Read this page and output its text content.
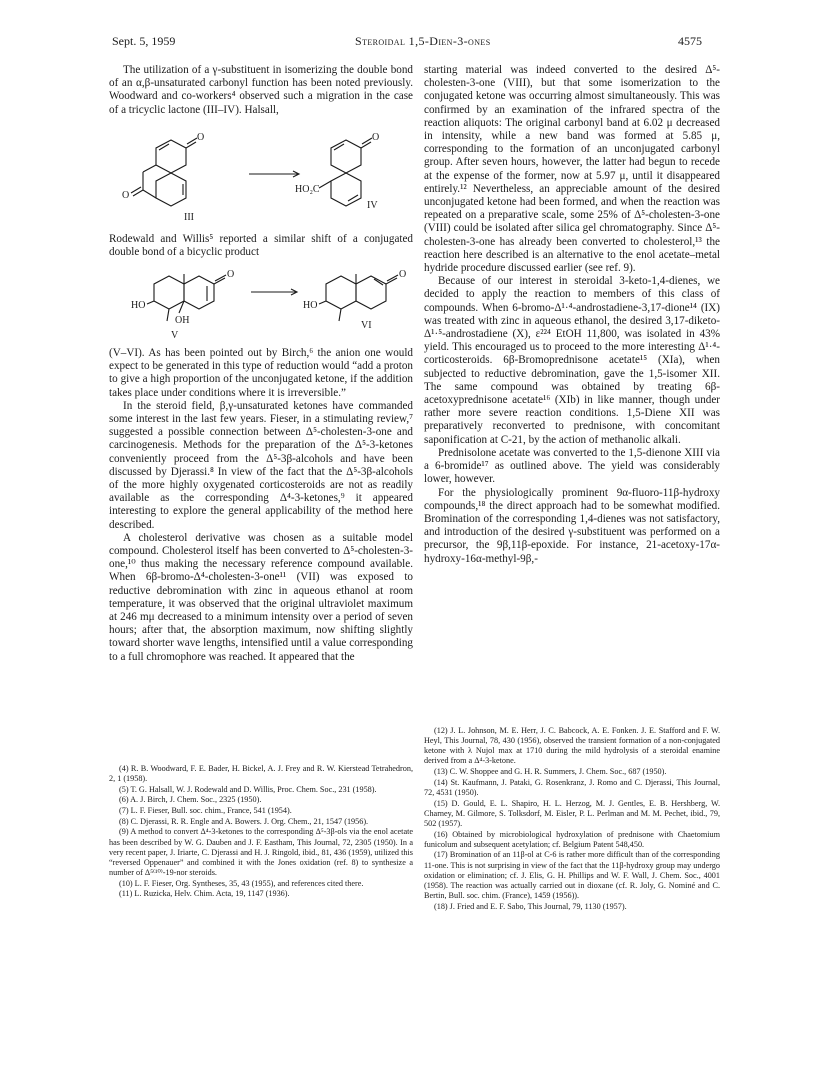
Sept. 5, 1959	Steroidal 1,5-Dien-3-ones	4575

The utilization of a γ-substituent in isomerizing the double bond of an α,β-unsaturated carbonyl function has been noted previously. Woodward and co-workers⁴ observed such a migration in the case of a tricyclic lactone (III–IV). Halsall,

O
O
III
O
HO₂C
IV

Rodewald and Willis⁵ reported a similar shift of a conjugated double bond of a bicyclic product

HO
OH
O
V
HO
O
VI

(V–VI). As has been pointed out by Birch,⁶ the anion one would expect to be generated in this type of reduction would “add a proton to give a high proportion of the unconjugated ketone, if the addition takes place under conditions where it is irreversible.”

In the steroid field, β,γ-unsaturated ketones have commanded some interest in the last few years. Fieser, in a stimulating review,⁷ suggested a possible connection between Δ⁵-cholesten-3-one and carcinogenesis. Methods for the preparation of the Δ⁵-3-ketones conveniently proceed from the Δ⁵-3β-alcohols and have been discussed by Djerassi.⁸ In view of the fact that the Δ⁵-3β-alcohols of the more highly oxygenated corticosteroids are not as readily available as the corresponding Δ⁴-3-ketones,⁹ it appeared interesting to explore the general applicability of the method here described.

A cholesterol derivative was chosen as a suitable model compound. Cholesterol itself has been converted to Δ⁵-cholesten-3-one,¹⁰ thus making the necessary reference compound available. When 6β-bromo-Δ⁴-cholesten-3-one¹¹ (VII) was exposed to reductive debromination with zinc in aqueous ethanol at room temperature, it was observed that the original ultraviolet maximum at 246 mμ decreased to a minimum intensity over a period of seven hours; after that, the absorption maximum, now shifting slightly toward shorter wave lengths, intensified until a value corresponding to a full chromophore was reached. It appeared that the

starting material was indeed converted to the desired Δ⁵-cholesten-3-one (VIII), but that some isomerization to the conjugated ketone was occurring almost simultaneously. This was confirmed by an examination of the infrared spectra of the reaction aliquots: The original carbonyl band at 6.02 μ decreased in intensity, while a new band was formed at 5.85 μ, corresponding to the formation of an unconjugated carbonyl group. After seven hours, however, the latter had begun to recede at the expense of the former, now at 5.97 μ, until it disappeared entirely.¹² Nevertheless, an appreciable amount of the desired unconjugated ketone had been formed, and when the reaction was repeated on a preparative scale, some 25% of Δ⁵-cholesten-3-one (VIII) could be isolated after silica gel chromatography. Since Δ⁵-cholesten-3-one has already been converted to cholesterol,¹³ the reaction here described is an alternative to the enol acetate–metal hydride procedure discussed earlier (see ref. 9).

Because of our interest in steroidal 3-keto-1,4-dienes, we decided to apply the reaction to members of this class of compounds. When 6-bromo-Δ¹·⁴-androstadiene-3,17-dione¹⁴ (IX) was treated with zinc in aqueous ethanol, the desired 3,17-diketo-Δ¹·⁵-androstadiene (X), ε²²⁴ EtOH 11,800, was isolated in 43% yield. This encouraged us to proceed to the more interesting Δ¹·⁴-corticosteroids. 6β-Bromoprednisone acetate¹⁵ (XIa), when subjected to reductive debromination, gave the 1,5-isomer XII. The same compound was obtained by treating 6β-acetoxyprednisone acetate¹⁶ (XIb) in like manner, though under rather more severe reaction conditions. 1,5-Diene XII was preparatively reconverted to prednisone, with concomitant saponification at C-21, by the action of methanolic alkali.

Prednisolone acetate was converted to the 1,5-dienone XIII via a 6-bromide¹⁷ as outlined above. The yield was considerably lower, however.

For the physiologically prominent 9α-fluoro-11β-hydroxy compounds,¹⁸ the direct approach had to be somewhat modified. Bromination of the corresponding 1,4-dienes was not satisfactory, and introduction of the desired γ-substituent was performed on a precursor, the 9β,11β-epoxide. For instance, 21-acetoxy-17α-hydroxy-16α-methyl-9β,-

(4) R. B. Woodward, F. E. Bader, H. Bickel, A. J. Frey and R. W. Kierstead Tetrahedron, 2, 1 (1958).

(5) T. G. Halsall, W. J. Rodewald and D. Willis, Proc. Chem. Soc., 231 (1958).

(6) A. J. Birch, J. Chem. Soc., 2325 (1950).

(7) L. F. Fieser, Bull. soc. chim., France, 541 (1954).

(8) C. Djerassi, R. R. Engle and A. Bowers. J. Org. Chem., 21, 1547 (1956).

(9) A method to convert Δ⁴-3-ketones to the corresponding Δ⁵-3β-ols via the enol acetate has been described by W. G. Dauben and J. F. Eastham, This Journal, 72, 2305 (1950). In a very recent paper, J. Iriarte, C. Djerassi and H. J. Ringold, ibid., 81, 436 (1959), utilized this “reversed Oppenauer” and combined it with the Jones oxidation (ref. 8) to synthesize a number of Δ⁵⁽¹⁰⁾-19-nor steroids.

(10) L. F. Fieser, Org. Syntheses, 35, 43 (1955), and references cited there.

(11) L. Ruzicka, Helv. Chim. Acta, 19, 1147 (1936).

(12) J. L. Johnson, M. E. Herr, J. C. Babcock, A. E. Fonken. J. E. Stafford and F. W. Heyl, This Journal, 78, 430 (1956), observed the transient formation of a non-conjugated ketone with λ Nujol max at 1710 during the mild hydrolysis of a steroidal enamine derived from a Δ⁴-3-ketone.

(13) C. W. Shoppee and G. H. R. Summers, J. Chem. Soc., 687 (1950).

(14) St. Kaufmann, J. Pataki, G. Rosenkranz, J. Romo and C. Djerassi, This Journal, 72, 4531 (1950).

(15) D. Gould, E. L. Shapiro, H. L. Herzog, M. J. Gentles, E. B. Hershberg, W. Charney, M. Gilmore, S. Tolksdorf, M. Eisler, P. L. Perlman and M. M. Pechet, ibid., 79, 502 (1957).

(16) Obtained by microbiological hydroxylation of prednisone with Chaetomium funicolum and subsequent acetylation; cf. Belgium Patent 548,450.

(17) Bromination of an 11β-ol at C-6 is rather more difficult than of the corresponding 11-one. This is not surprising in view of the fact that the 11β-hydroxy group may undergo oxidation or elimination; cf. J. Elis, G. H. Phillips and W. F. Wall, J. Chem. Soc., 4001 (1958). The reaction was actually carried out in dioxane (cf. R. Joly, G. Nominé and C. Bertin, Bull. soc. chim. (France), 1459 (1956)).

(18) J. Fried and E. F. Sabo, This Journal, 79, 1130 (1957).
